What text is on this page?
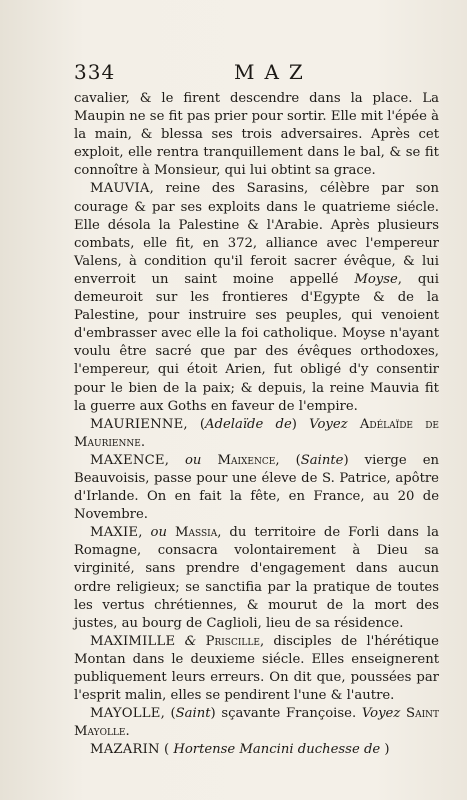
334	MAZ

cavalier, & le firent descendre dans la place. La Maupin ne se fit pas prier pour sortir. Elle mit l'épée à la main, & blessa ses trois adversaires. Après cet exploit, elle rentra tranquillement dans le bal, & se fit connoître à Monsieur, qui lui obtint sa grace.

MAUVIA, reine des Sarasins, célèbre par son courage & par ses exploits dans le quatrieme siécle. Elle désola la Palestine & l'Arabie. Après plusieurs combats, elle fit, en 372, alliance avec l'empereur Valens, à condition qu'il feroit sacrer évêque, & lui enverroit un saint moine appellé Moyse, qui demeuroit sur les frontieres d'Egypte & de la Palestine, pour instruire ses peuples, qui venoient d'embrasser avec elle la foi catholique. Moyse n'ayant voulu être sacré que par des évêques orthodoxes, l'empereur, qui étoit Arien, fut obligé d'y consentir pour le bien de la paix; & depuis, la reine Mauvia fit la guerre aux Goths en faveur de l'empire.

MAURIENNE, (Adelaïde de) Voyez Adélaïde de Maurienne.

MAXENCE, ou Maixence, (Sainte) vierge en Beauvoisis, passe pour une éleve de S. Patrice, apôtre d'Irlande. On en fait la fête, en France, au 20 de Novembre.

MAXIE, ou Massia, du territoire de Forli dans la Romagne, consacra volontairement à Dieu sa virginité, sans prendre d'engagement dans aucun ordre religieux; se sanctifia par la pratique de toutes les vertus chrétiennes, & mourut de la mort des justes, au bourg de Caglioli, lieu de sa résidence.

MAXIMILLE & Priscille, disciples de l'hérétique Montan dans le deuxieme siécle. Elles enseignerent publiquement leurs erreurs. On dit que, poussées par l'esprit malin, elles se pendirent l'une & l'autre.

MAYOLLE, (Saint) sçavante Françoise. Voyez Saint Mayolle.

MAZARIN ( Hortense Mancini duchesse de )
